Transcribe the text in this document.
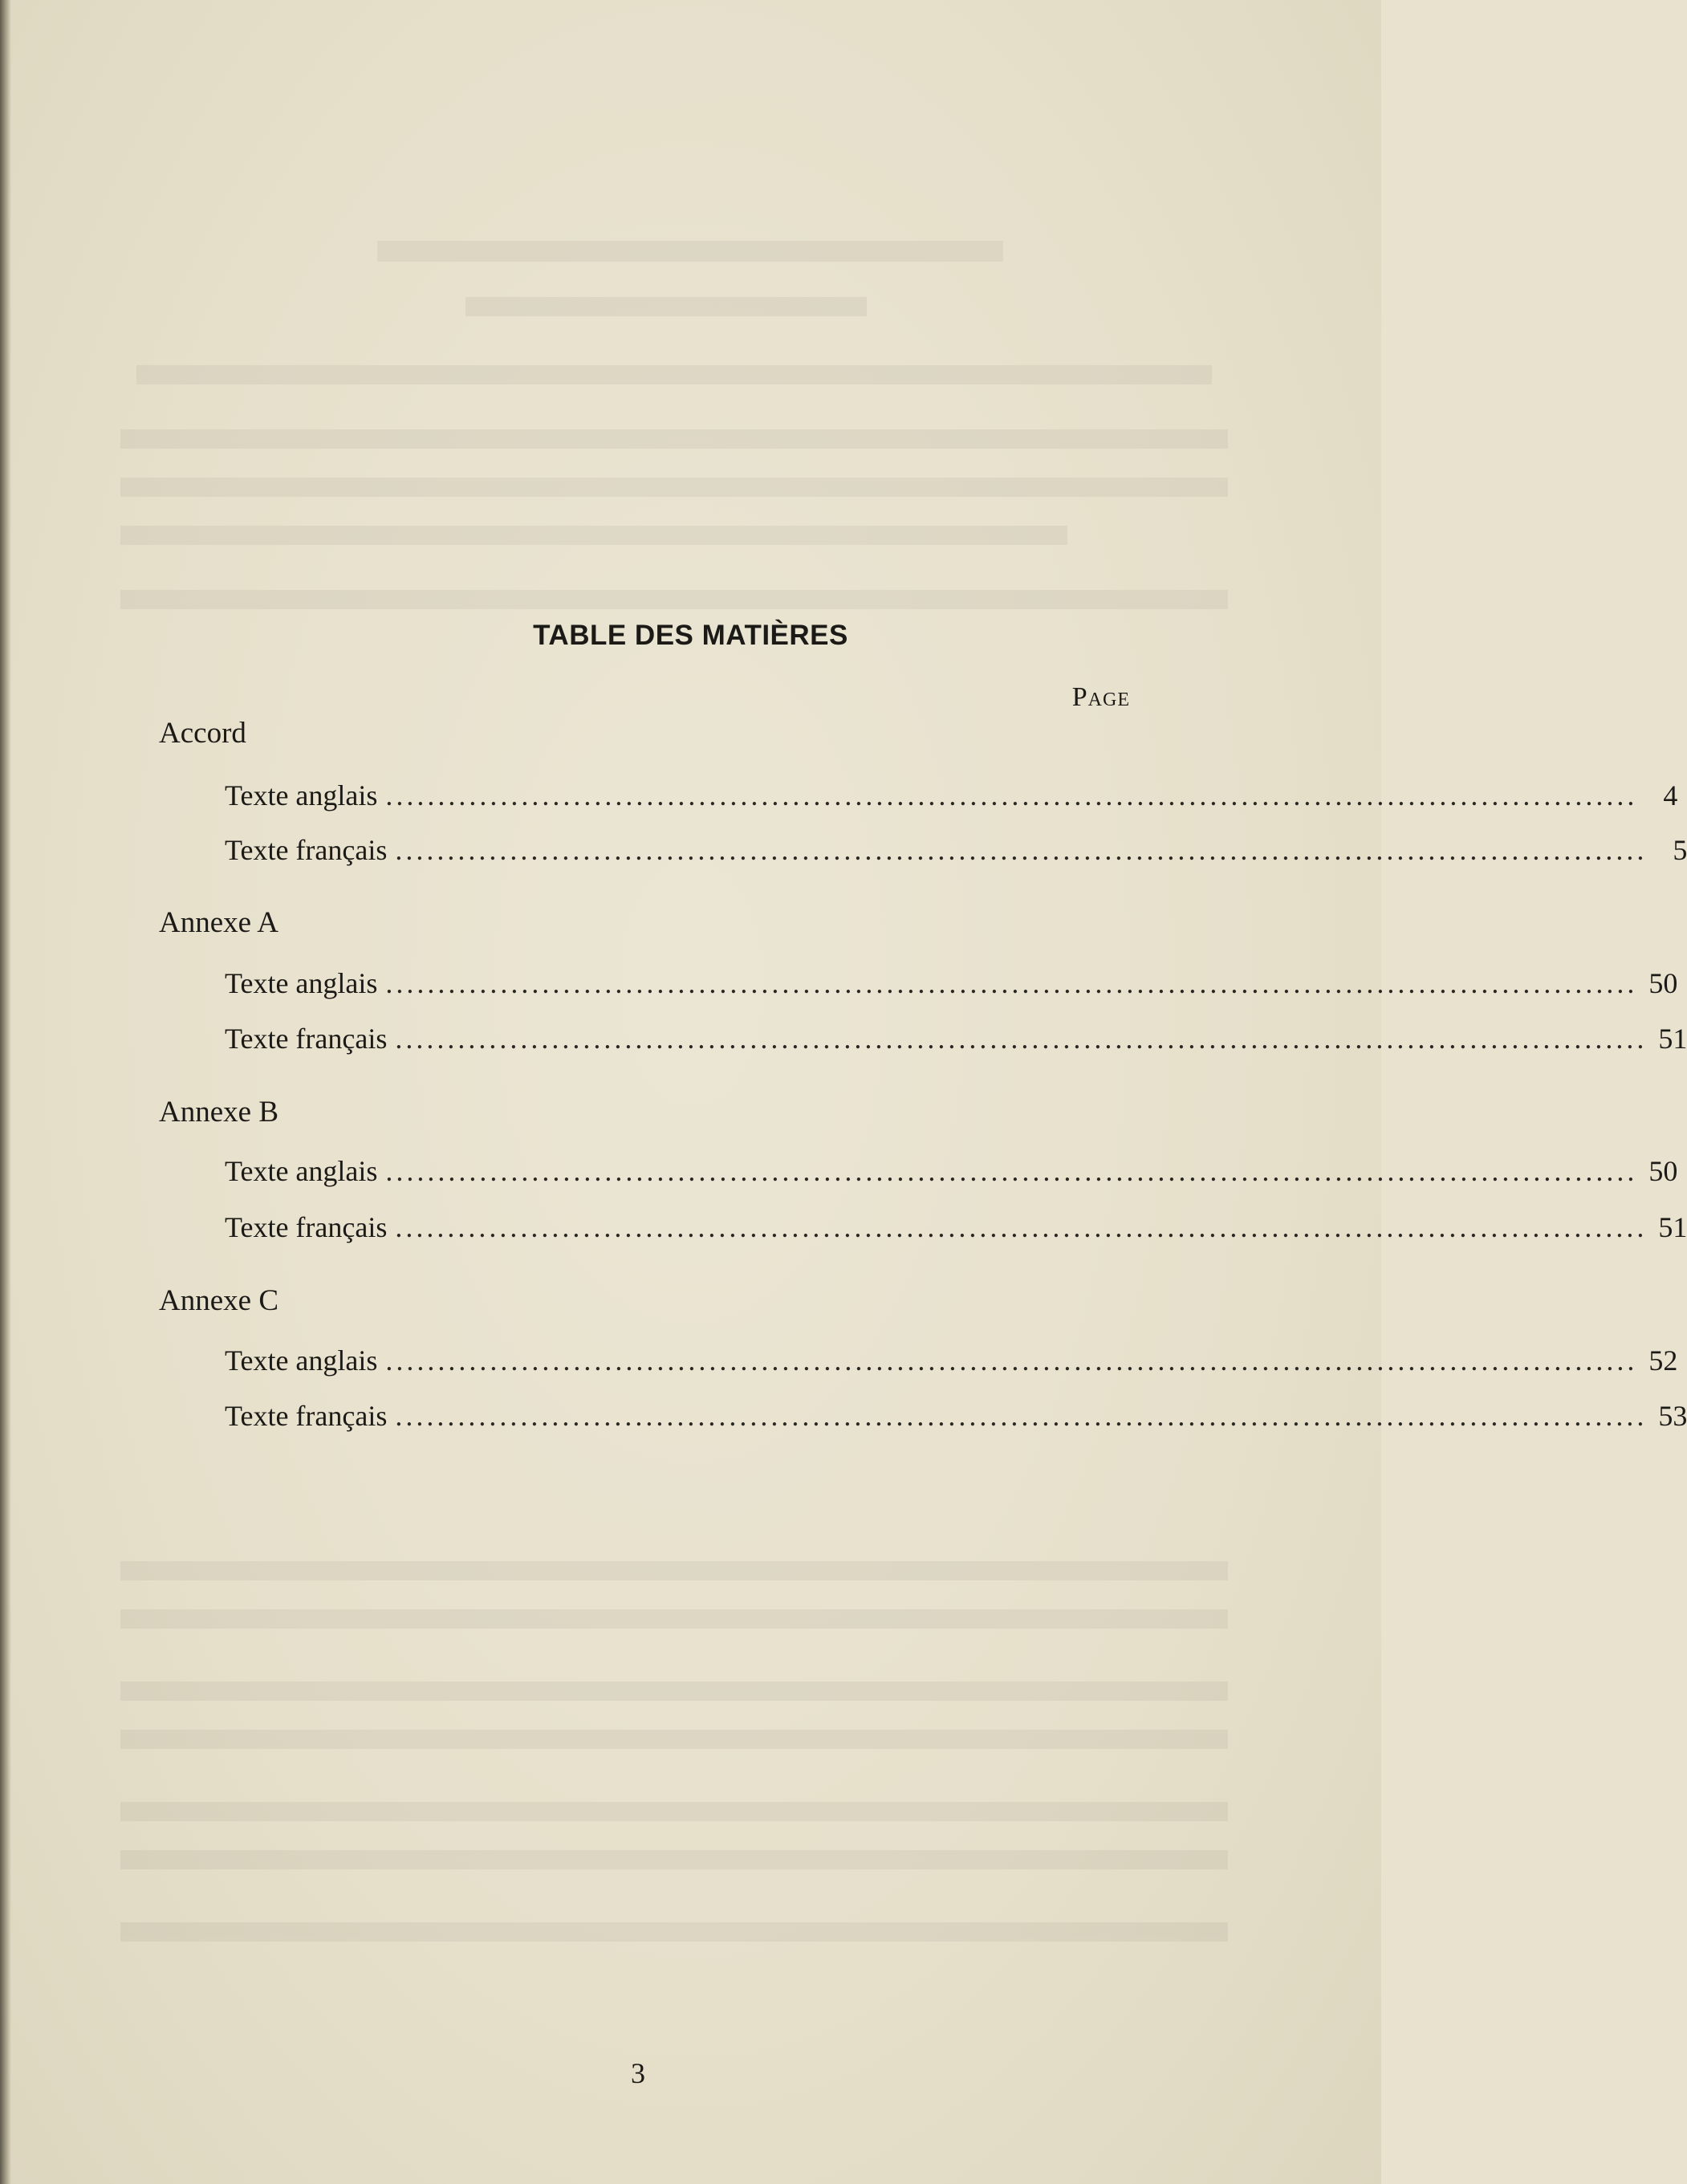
TABLE DES MATIÈRES
Page
Accord
Texte anglais ........................................................................................................................ 4
Texte français ........................................................................................................................ 5
Annexe A
Texte anglais ........................................................................................................................ 50
Texte français ........................................................................................................................ 51
Annexe B
Texte anglais ........................................................................................................................ 50
Texte français ........................................................................................................................ 51
Annexe C
Texte anglais ........................................................................................................................ 52
Texte français ........................................................................................................................ 53
3
